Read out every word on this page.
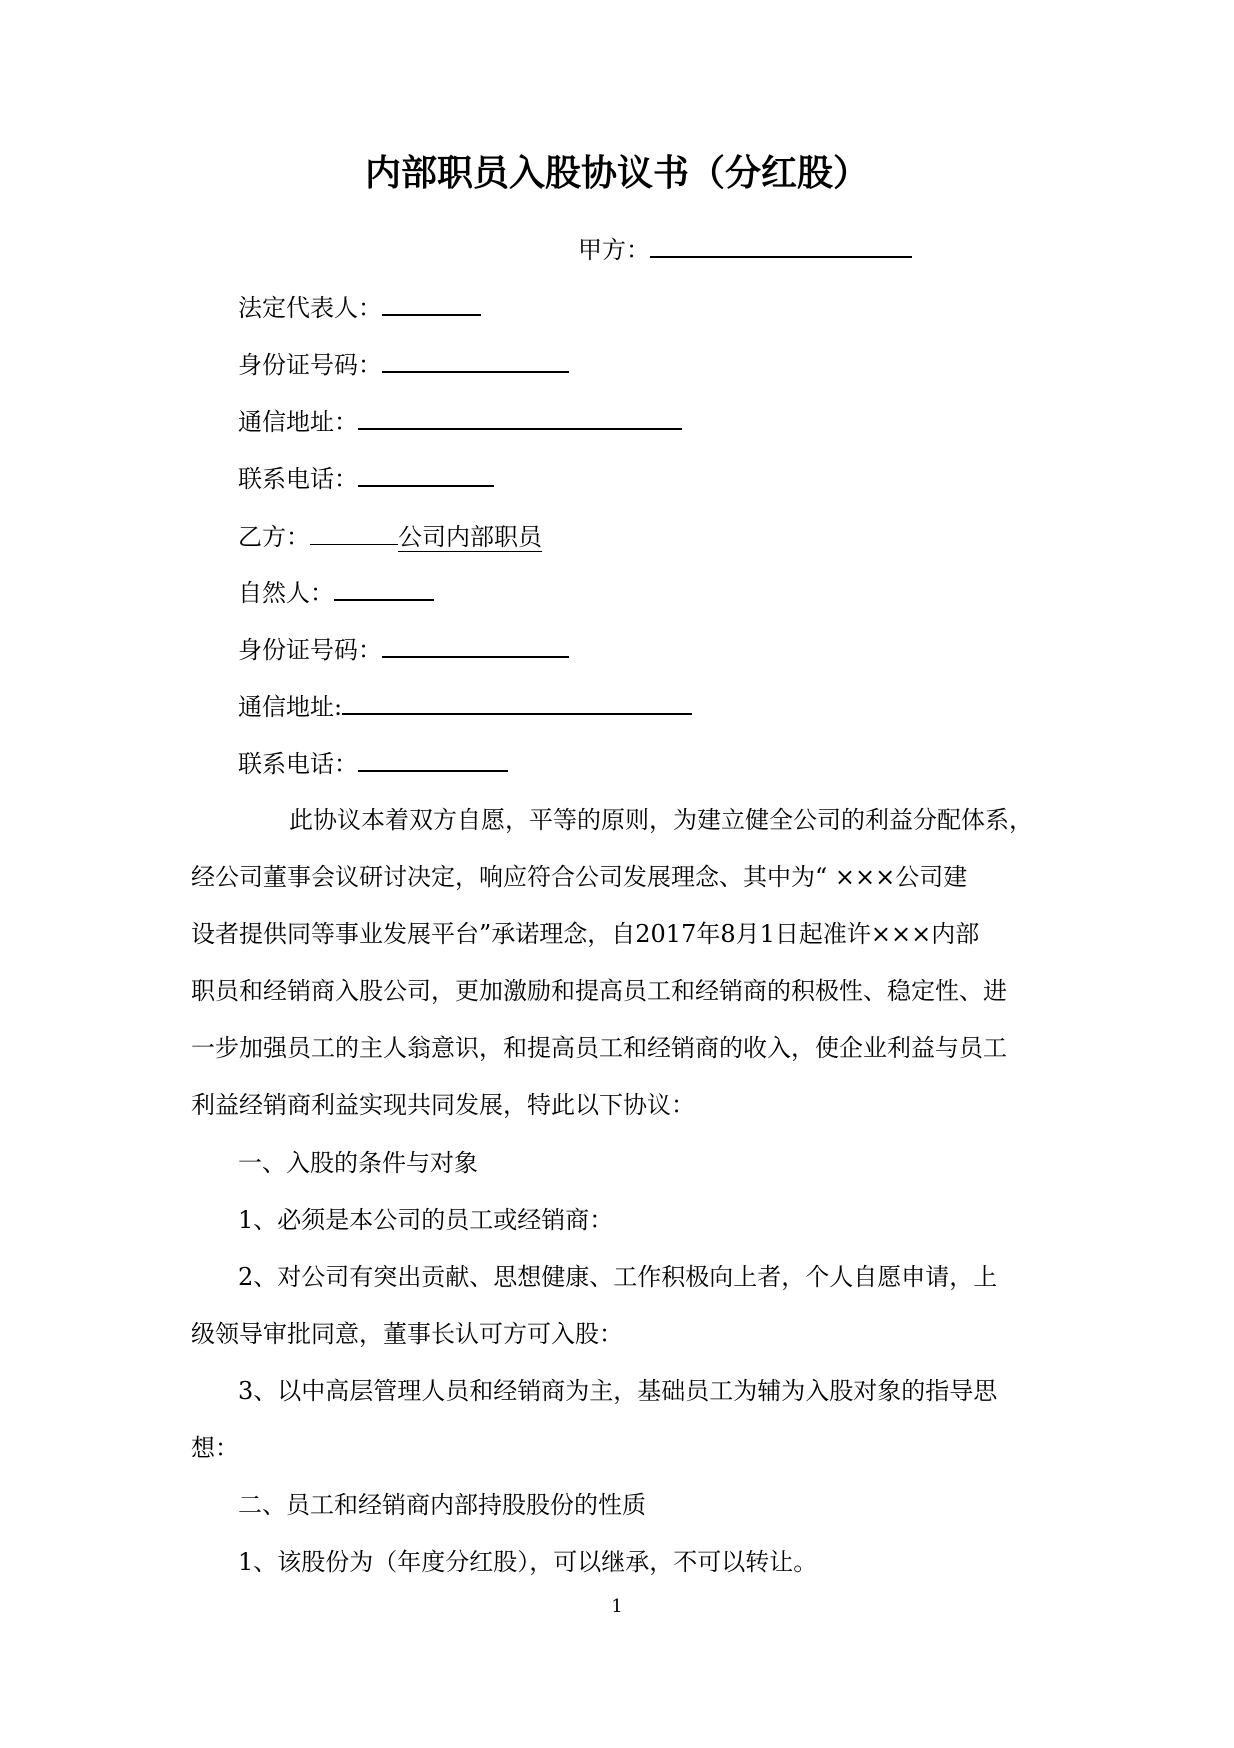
内部职员入股协议书（分红股）
甲方：
法定代表人：
身份证号码：
通信地址：
联系电话：
乙方：	公司内部职员
自然人：
身份证号码：
通信地址:
联系电话：
此协议本着双方自愿，平等的原则，为建立健全公司的利益分配体系，
经公司董事会议研讨决定，响应符合公司发展理念、其中为“ ×××公司建
设者提供同等事业发展平台”承诺理念，自2017年8月1日起准许×××内部
职员和经销商入股公司，更加激励和提高员工和经销商的积极性、稳定性、进
一步加强员工的主人翁意识，和提高员工和经销商的收入，使企业利益与员工
利益经销商利益实现共同发展，特此以下协议：
一、入股的条件与对象
1、必须是本公司的员工或经销商：
2、对公司有突出贡献、思想健康、工作积极向上者，个人自愿申请，上
级领导审批同意，董事长认可方可入股：
3、以中高层管理人员和经销商为主，基础员工为辅为入股对象的指导思
想：
二、员工和经销商内部持股股份的性质
1、该股份为（年度分红股），可以继承，不可以转让。
1
